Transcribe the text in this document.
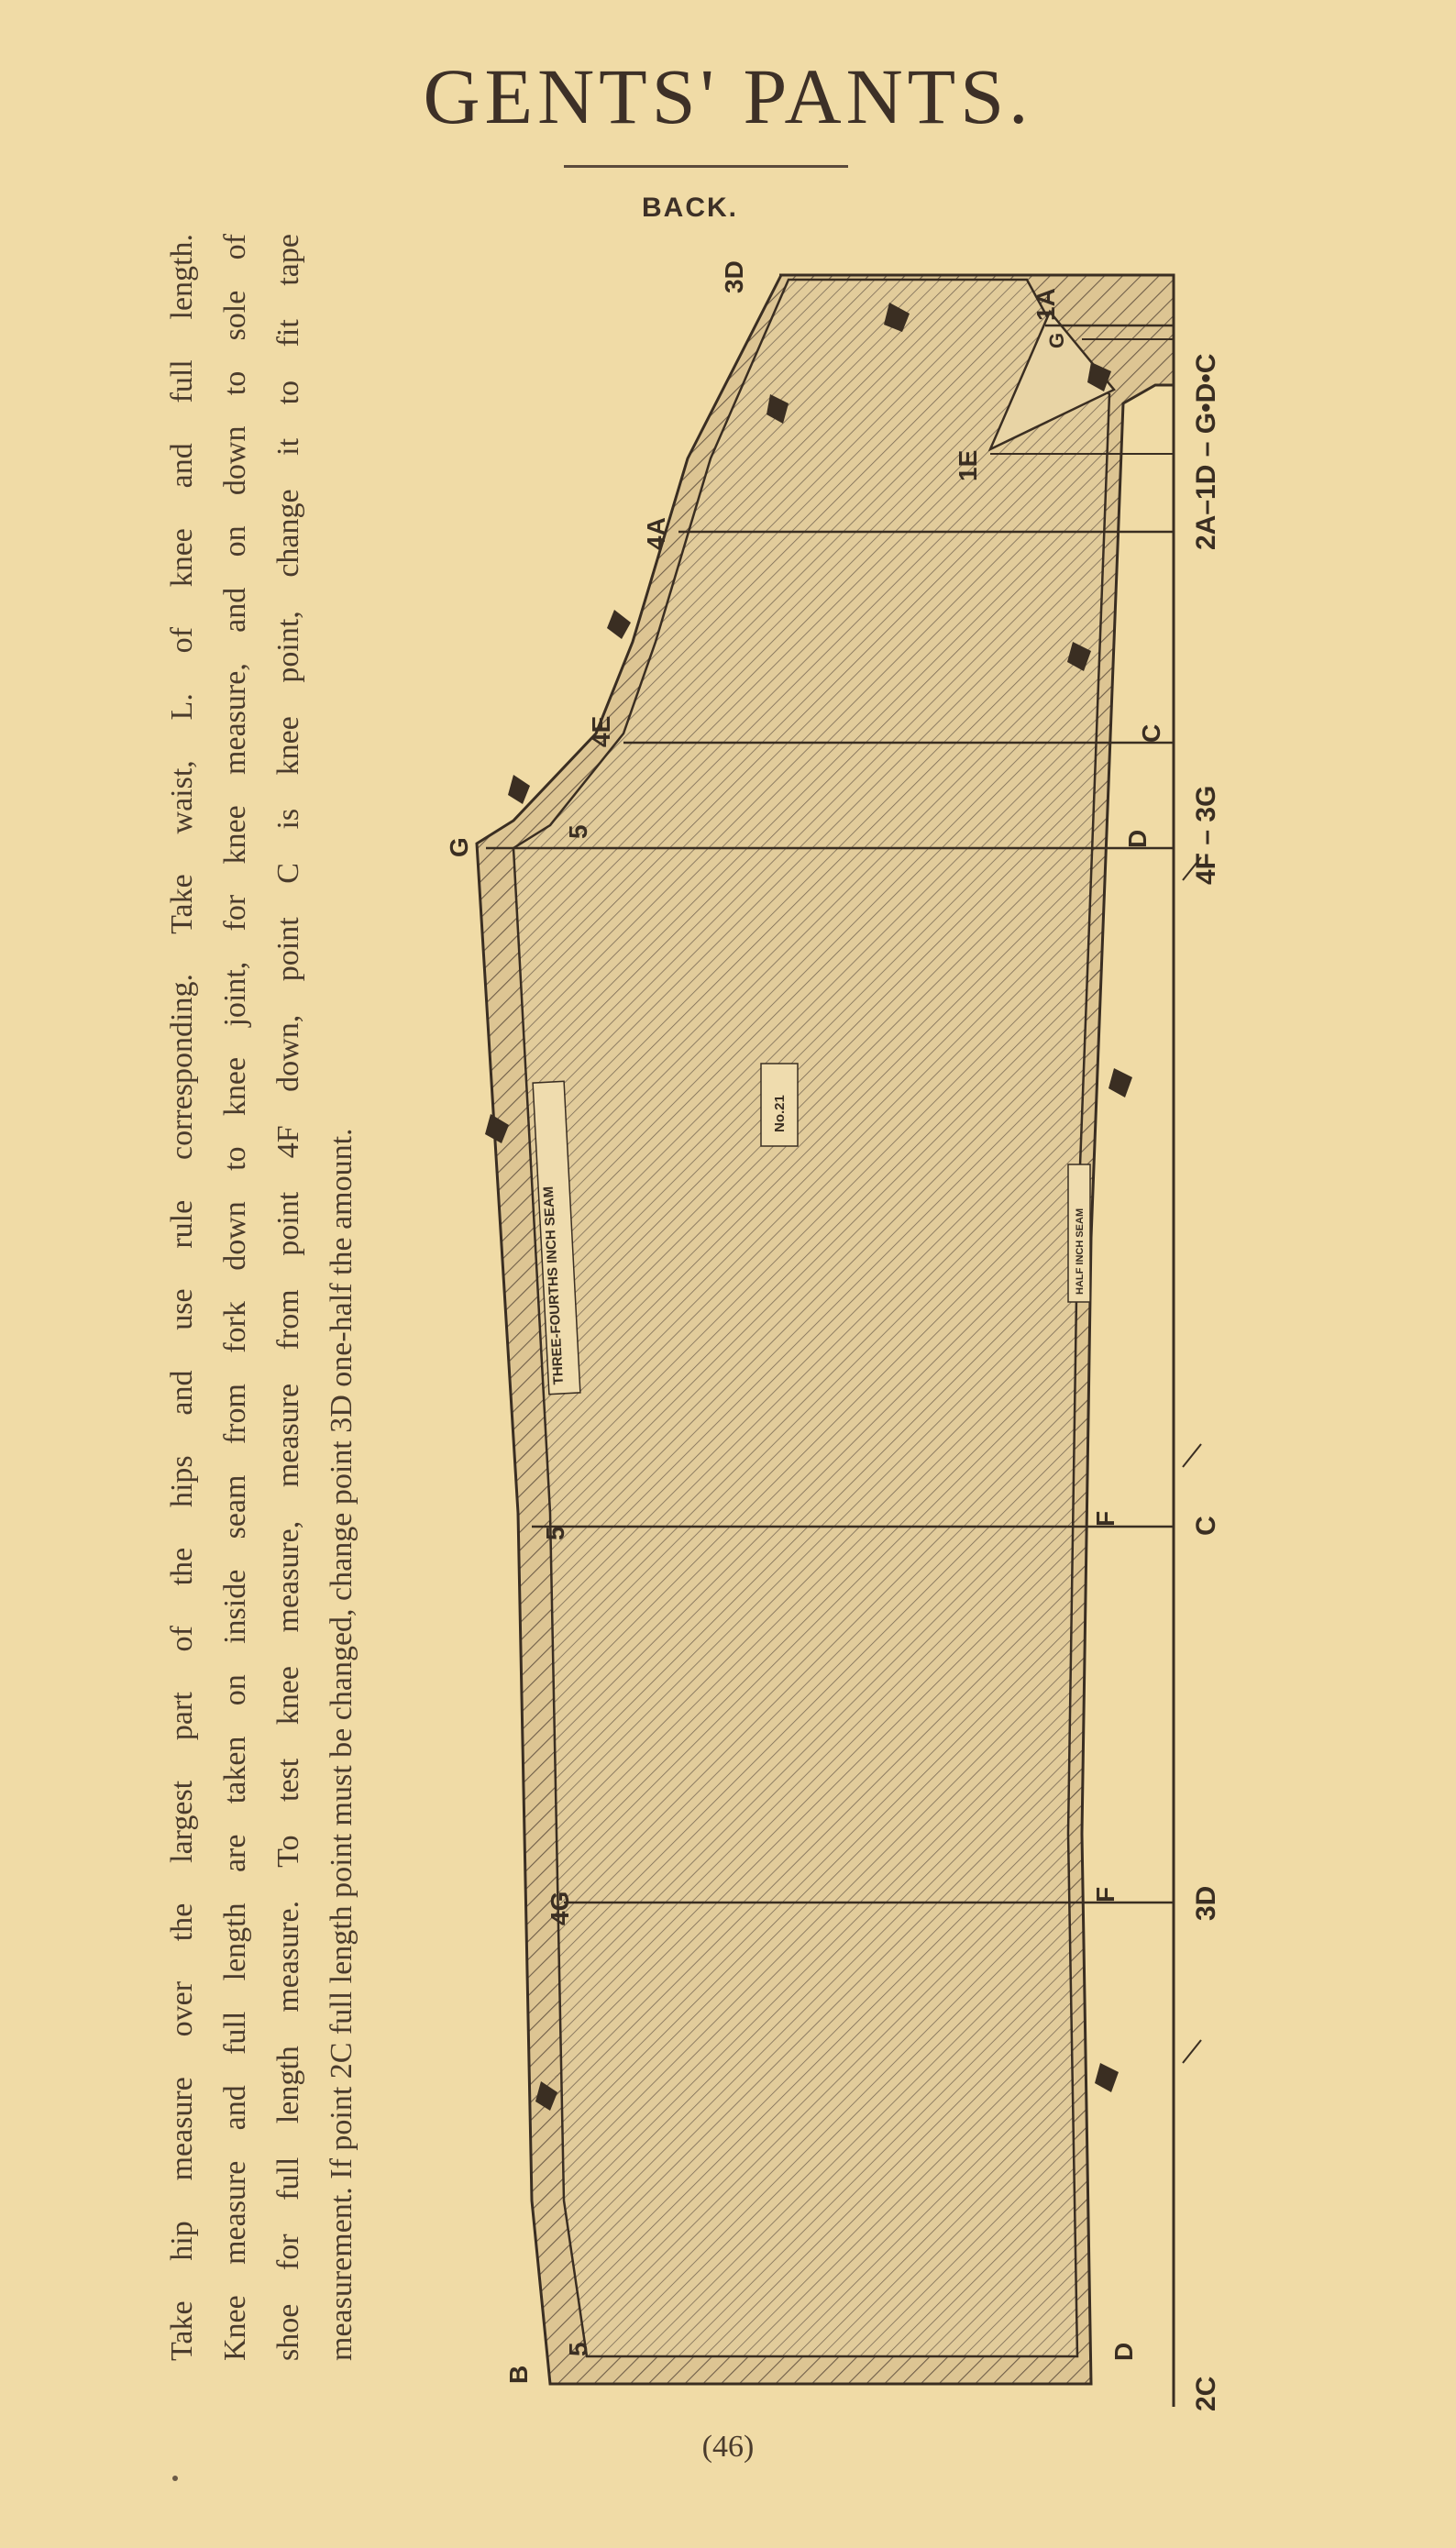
GENTS' PANTS.
BACK.

Take hip measure over the largest part of the hips and use rule corresponding. Take waist, L. of knee and full length. Knee measure and full length are taken on inside seam from fork down to knee joint, for knee measure, and on down to sole of shoe for full length measure. To test knee measure, measure from point 4F down, point C is knee point, change it to fit tape measurement. If point 2C full length point must be changed, change point 3D one-half the amount.

3D
1A
G
1E
4A
4E
5
G
C
D
5
F
4G	F
5
B
D
2A–1D – G•D•C
4F – 3G
C
3D
2C
THREE-FOURTHS INCH SEAM
No.21
HALF INCH SEAM
(46)
